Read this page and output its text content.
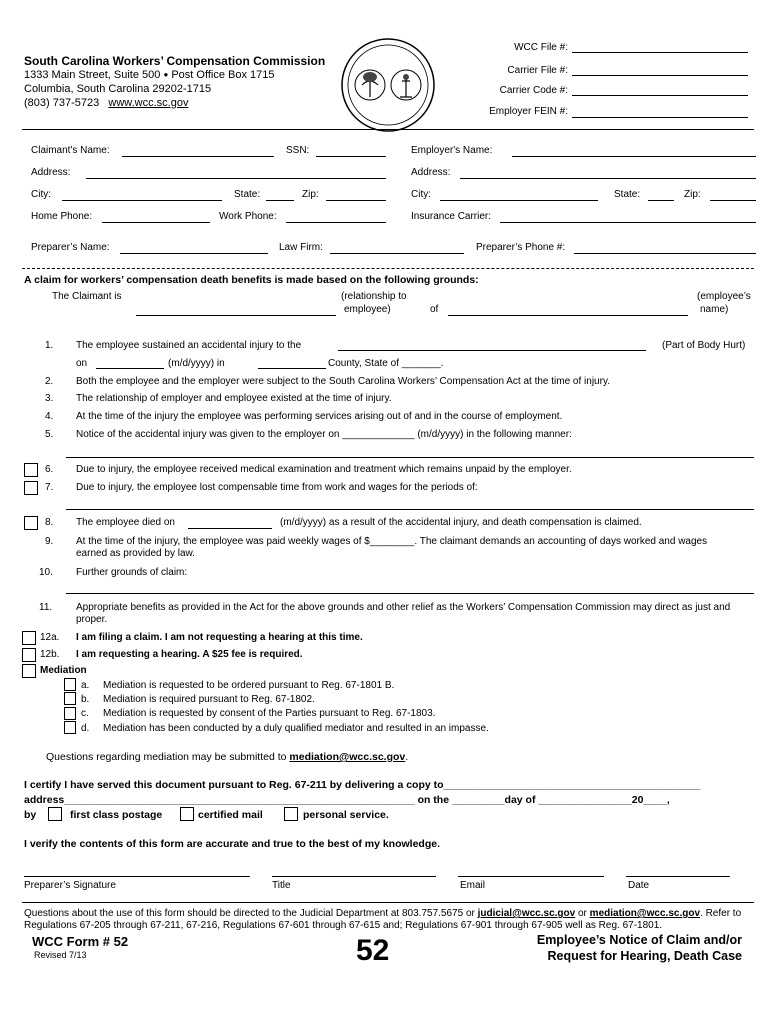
South Carolina Workers’ Compensation Commission
1333 Main Street, Suite 500 ● Post Office Box 1715
Columbia, South Carolina 29202-1715
(803) 737-5723 www.wcc.sc.gov
WCC File #:
Carrier File #:
Carrier Code #:
Employer FEIN #:
Claimant's Name:	SSN:	Employer's Name:
Address:	Address:
City:	State:	Zip:	City:	State:	Zip:
Home Phone:	Work Phone:	Insurance Carrier:
Preparer’s Name:	Law Firm:	Preparer’s Phone #:
A claim for workers’ compensation death benefits is made based on the following grounds:
The Claimant is	(relationship to
employee)	of
(employee’s
name)
1. The employee sustained an accidental injury to the	(Part of Body Hurt)
on	(m/d/yyyy) in	County, State of _______.
2. Both the employee and the employer were subject to the South Carolina Workers’ Compensation Act at the time of injury.
3. The relationship of employer and employee existed at the time of injury.
4. At the time of the injury the employee was performing services arising out of and in the course of employment.
5. Notice of the accidental injury was given to the employer on _____________ (m/d/yyyy) in the following manner:
6. Due to injury, the employee received medical examination and treatment which remains unpaid by the employer.
7. Due to injury, the employee lost compensable time from work and wages for the periods of:
8. The employee died on	(m/d/yyyy) as a result of the accidental injury, and death compensation is claimed.
9. At the time of the injury, the employee was paid weekly wages of $________. The claimant demands an accounting of days worked and wages
earned as provided by law.
10. Further grounds of claim:
11. Appropriate benefits as provided in the Act for the above grounds and other relief as the Workers’ Compensation Commission may direct as just and
proper.
12a. I am filing a claim. I am not requesting a hearing at this time.
12b. I am requesting a hearing. A $25 fee is required.
Mediation
a. Mediation is requested to be ordered pursuant to Reg. 67-1801 B.
b. Mediation is required pursuant to Reg. 67-1802.
c. Mediation is requested by consent of the Parties pursuant to Reg. 67-1803.
d. Mediation has been conducted by a duly qualified mediator and resulted in an impasse.
Questions regarding mediation may be submitted to mediation@wcc.sc.gov.
I certify I have served this document pursuant to Reg. 67-211 by delivering a copy to____________________________________________
address____________________________________________________________ on the _________day of ________________20____,
by	first class postage	certified mail	personal service.
I verify the contents of this form are accurate and true to the best of my knowledge.
Preparer’s Signature	Title	Email	Date
Questions about the use of this form should be directed to the Judicial Department at 803.757.5675 or judicial@wcc.sc.gov or mediation@wcc.sc.gov. Refer to
Regulations 67-205 through 67-211, 67-216, Regulations 67-601 through 67-615 and; Regulations 67-901 through 67-905 well as Reg. 67-1801.
WCC Form # 52
Revised 7/13	52	Employee’s Notice of Claim and/or
Request for Hearing, Death Case
